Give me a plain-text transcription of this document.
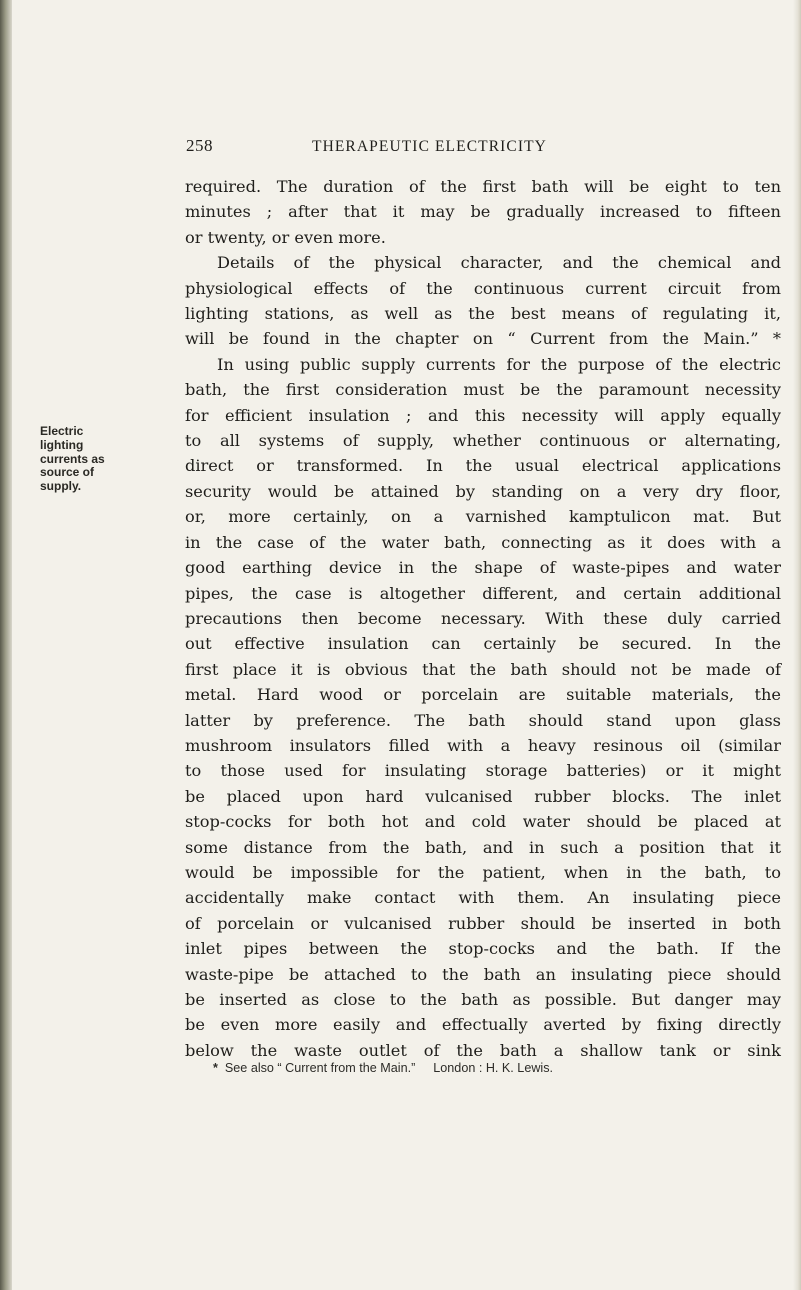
258	THERAPEUTIC ELECTRICITY
Electric
lighting
currents as
source of
supply.
required. The duration of the first bath will be eight to ten
minutes ; after that it may be gradually increased to fifteen
or twenty, or even more.
Details of the physical character, and the chemical and
physiological effects of the continuous current circuit from
lighting stations, as well as the best means of regulating it,
will be found in the chapter on “ Current from the Main.” *
In using public supply currents for the purpose of the electric
bath, the first consideration must be the paramount necessity
for efficient insulation ; and this necessity will apply equally
to all systems of supply, whether continuous or alternating,
direct or transformed. In the usual electrical applications
security would be attained by standing on a very dry floor,
or, more certainly, on a varnished kamptulicon mat. But
in the case of the water bath, connecting as it does with a
good earthing device in the shape of waste-pipes and water
pipes, the case is altogether different, and certain additional
precautions then become necessary. With these duly carried
out effective insulation can certainly be secured. In the
first place it is obvious that the bath should not be made of
metal. Hard wood or porcelain are suitable materials, the
latter by preference. The bath should stand upon glass
mushroom insulators filled with a heavy resinous oil (similar
to those used for insulating storage batteries) or it might
be placed upon hard vulcanised rubber blocks. The inlet
stop-cocks for both hot and cold water should be placed at
some distance from the bath, and in such a position that it
would be impossible for the patient, when in the bath, to
accidentally make contact with them. An insulating piece
of porcelain or vulcanised rubber should be inserted in both
inlet pipes between the stop-cocks and the bath. If the
waste-pipe be attached to the bath an insulating piece should
be inserted as close to the bath as possible. But danger may
be even more easily and effectually averted by fixing directly
below the waste outlet of the bath a shallow tank or sink
* See also “ Current from the Main.” London : H. K. Lewis.
